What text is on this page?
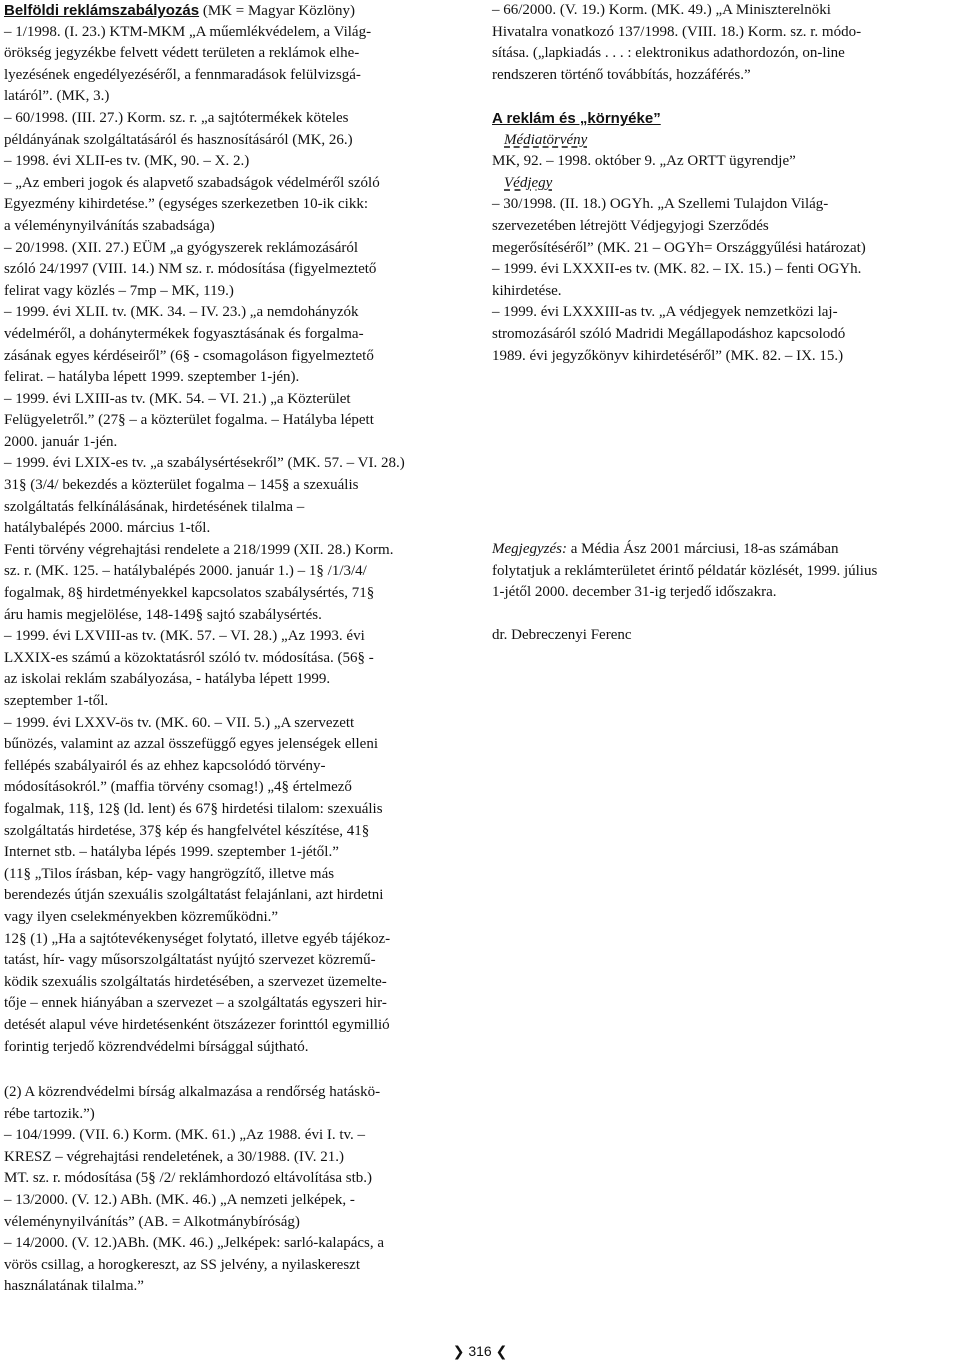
Belföldi reklámszabályozás (MK = Magyar Közlöny)
– 1/1998. (I. 23.) KTM-MKM „A műemlékvédelem, a Világ-
örökség jegyzékbe felvett védett területen a reklámok elhe-
lyezésének engedélyezéséről, a fennmaradások felülvizsgá-
latáról”. (MK, 3.)
– 60/1998. (III. 27.) Korm. sz. r. „a sajtótermékek köteles
példányának szolgáltatásáról és hasznosításáról (MK, 26.)
– 1998. évi XLII-es tv. (MK, 90. – X. 2.)
– „Az emberi jogok és alapvető szabadságok védelméről szóló
Egyezmény kihirdetése.” (egységes szerkezetben 10-ik cikk:
a véleménynyilvánítás szabadsága)
– 20/1998. (XII. 27.) EÜM „a gyógyszerek reklámozásáról
szóló 24/1997 (VIII. 14.) NM sz. r. módosítása (figyelmeztető
felirat vagy közlés – 7mp – MK, 119.)
– 1999. évi XLII. tv. (MK. 34. – IV. 23.) „a nemdohányzók
védelméről, a dohánytermékek fogyasztásának és forgalma-
zásának egyes kérdéseiről” (6§ - csomagoláson figyelmeztető
felirat. – hatályba lépett 1999. szeptember 1-jén).
– 1999. évi LXIII-as tv. (MK. 54. – VI. 21.) „a Közterület
Felügyeletről.” (27§ – a közterület fogalma. – Hatályba lépett
2000. január 1-jén.
– 1999. évi LXIX-es tv. „a szabálysértésekről” (MK. 57. – VI. 28.)
31§ (3/4/ bekezdés a közterület fogalma – 145§ a szexuális
szolgáltatás felkínálásának, hirdetésének tilalma –
hatálybalépés 2000. március 1-től.
Fenti törvény végrehajtási rendelete a 218/1999 (XII. 28.) Korm.
sz. r. (MK. 125. – hatálybalépés 2000. január 1.) – 1§ /1/3/4/
fogalmak, 8§ hirdetményekkel kapcsolatos szabálysértés, 71§
áru hamis megjelölése, 148-149§ sajtó szabálysértés.
– 1999. évi LXVIII-as tv. (MK. 57. – VI. 28.) „Az 1993. évi
LXXIX-es számú a közoktatásról szóló tv. módosítása. (56§ -
az iskolai reklám szabályozása, - hatályba lépett 1999.
szeptember 1-től.
– 1999. évi LXXV-ös tv. (MK. 60. – VII. 5.) „A szervezett
bűnözés, valamint az azzal összefüggő egyes jelenségek elleni
fellépés szabályairól és az ehhez kapcsolódó törvény-
módosításokról.” (maffia törvény csomag!) „4§ értelmező
fogalmak, 11§, 12§ (ld. lent) és 67§ hirdetési tilalom: szexuális
szolgáltatás hirdetése, 37§ kép és hangfelvétel készítése, 41§
Internet stb. – hatályba lépés 1999. szeptember 1-jétől.”
(11§ „Tilos írásban, kép- vagy hangrögzítő, illetve más
berendezés útján szexuális szolgáltatást felajánlani, azt hirdetni
vagy ilyen cselekményekben közreműködni.”
12§ (1) „Ha a sajtótevékenységet folytató, illetve egyéb tájékoz-
tatást, hír- vagy műsorszolgáltatást nyújtó szervezet közremű-
ködik szexuális szolgáltatás hirdetésében, a szervezet üzemelte-
tője – ennek hiányában a szervezet – a szolgáltatás egyszeri hir-
detését alapul véve hirdetésenként ötszázezer forinttól egymillió
forintig terjedő közrendvédelmi bírsággal sújtható.
(2) A közrendvédelmi bírság alkalmazása a rendőrség hatáskö-
rébe tartozik.”)
– 104/1999. (VII. 6.) Korm. (MK. 61.) „Az 1988. évi I. tv. –
KRESZ – végrehajtási rendeletének, a 30/1988. (IV. 21.)
MT. sz. r. módosítása (5§ /2/ reklámhordozó eltávolítása stb.)
– 13/2000. (V. 12.) ABh. (MK. 46.) „A nemzeti jelképek, -
véleménynyilvánítás” (AB. = Alkotmánybíróság)
– 14/2000. (V. 12.)ABh. (MK. 46.) „Jelképek: sarló-kalapács, a
vörös csillag, a horogkereszt, az SS jelvény, a nyilaskereszt
használatának tilalma.”
– 66/2000. (V. 19.) Korm. (MK. 49.) „A Miniszterelnöki
Hivatalra vonatkozó 137/1998. (VIII. 18.) Korm. sz. r. módo-
sítása. („lapkiadás . . . : elektronikus adathordozón, on-line
rendszeren történő továbbítás, hozzáférés.”
A reklám és „környéke”
Médiatörvény
MK, 92. – 1998. október 9. „Az ORTT ügyrendje”
Védjegy
– 30/1998. (II. 18.) OGYh. „A Szellemi Tulajdon Világ-
szervezetében létrejött Védjegyjogi Szerződés
megerősítéséről” (MK. 21 – OGYh= Országgyűlési határozat)
– 1999. évi LXXXII-es tv. (MK. 82. – IX. 15.) – fenti OGYh.
kihirdetése.
– 1999. évi LXXXIII-as tv. „A védjegyek nemzetközi laj-
stromozásáról szóló Madridi Megállapodáshoz kapcsolodó
1989. évi jegyzőkönyv kihirdetéséről” (MK. 82. – IX. 15.)
Megjegyzés: a Média Ász 2001 márciusi, 18-as számában
folytatjuk a reklámterületet érintő példatár közlését, 1999. július
1-jétől 2000. december 31-ig terjedő időszakra.
dr. Debreczenyi Ferenc
❯ 316 ❮
